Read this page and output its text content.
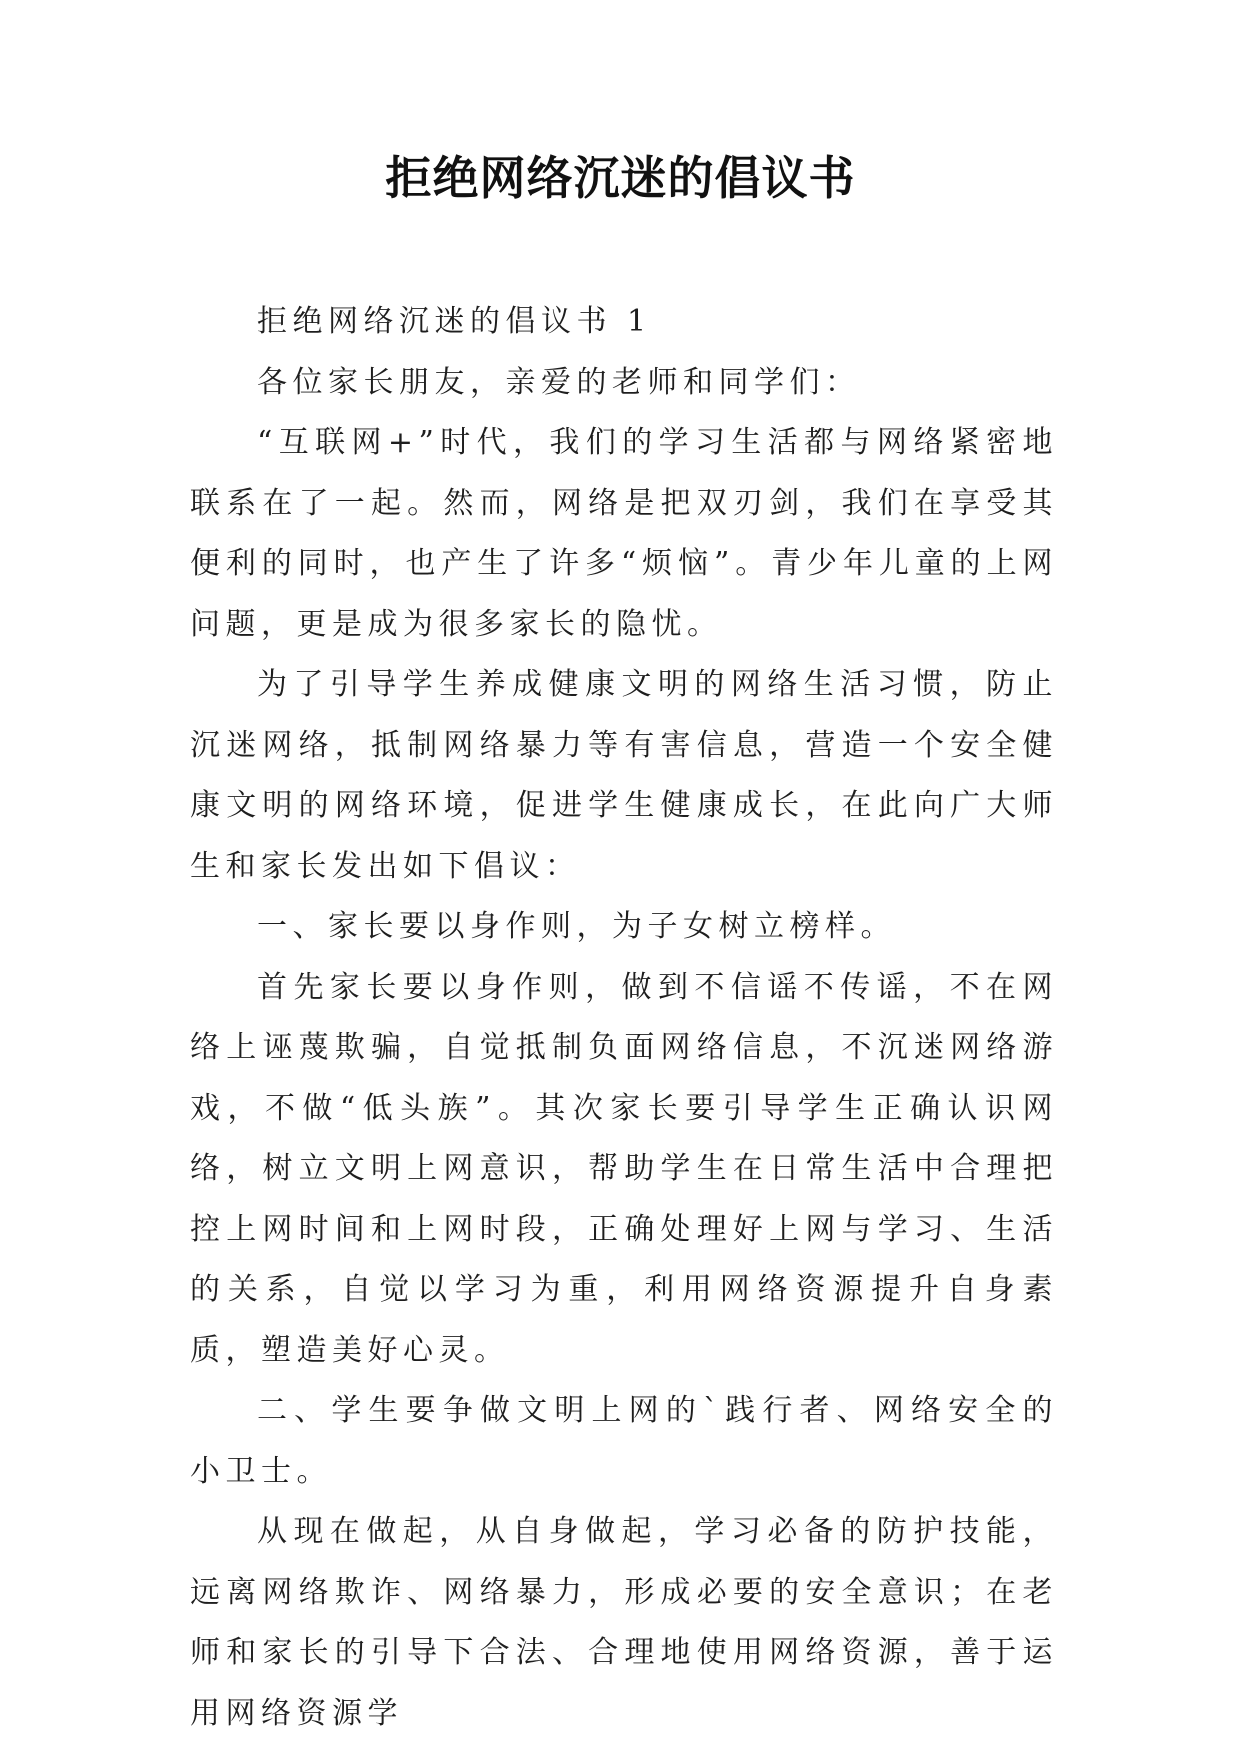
拒绝网络沉迷的倡议书

拒绝网络沉迷的倡议书 1

各位家长朋友，亲爱的老师和同学们：

“互联网+”时代，我们的学习生活都与网络紧密地联系在了一起。然而，网络是把双刃剑，我们在享受其便利的同时，也产生了许多“烦恼”。青少年儿童的上网问题，更是成为很多家长的隐忧。

为了引导学生养成健康文明的网络生活习惯，防止沉迷网络，抵制网络暴力等有害信息，营造一个安全健康文明的网络环境，促进学生健康成长，在此向广大师生和家长发出如下倡议：

一、家长要以身作则，为子女树立榜样。

首先家长要以身作则，做到不信谣不传谣，不在网络上诬蔑欺骗，自觉抵制负面网络信息，不沉迷网络游戏，不做“低头族”。其次家长要引导学生正确认识网络，树立文明上网意识，帮助学生在日常生活中合理把控上网时间和上网时段，正确处理好上网与学习、生活的关系，自觉以学习为重，利用网络资源提升自身素质，塑造美好心灵。

二、学生要争做文明上网的`践行者、网络安全的小卫士。

从现在做起，从自身做起，学习必备的防护技能，远离网络欺诈、网络暴力，形成必要的安全意识；在老师和家长的引导下合法、合理地使用网络资源，善于运用网络资源学
